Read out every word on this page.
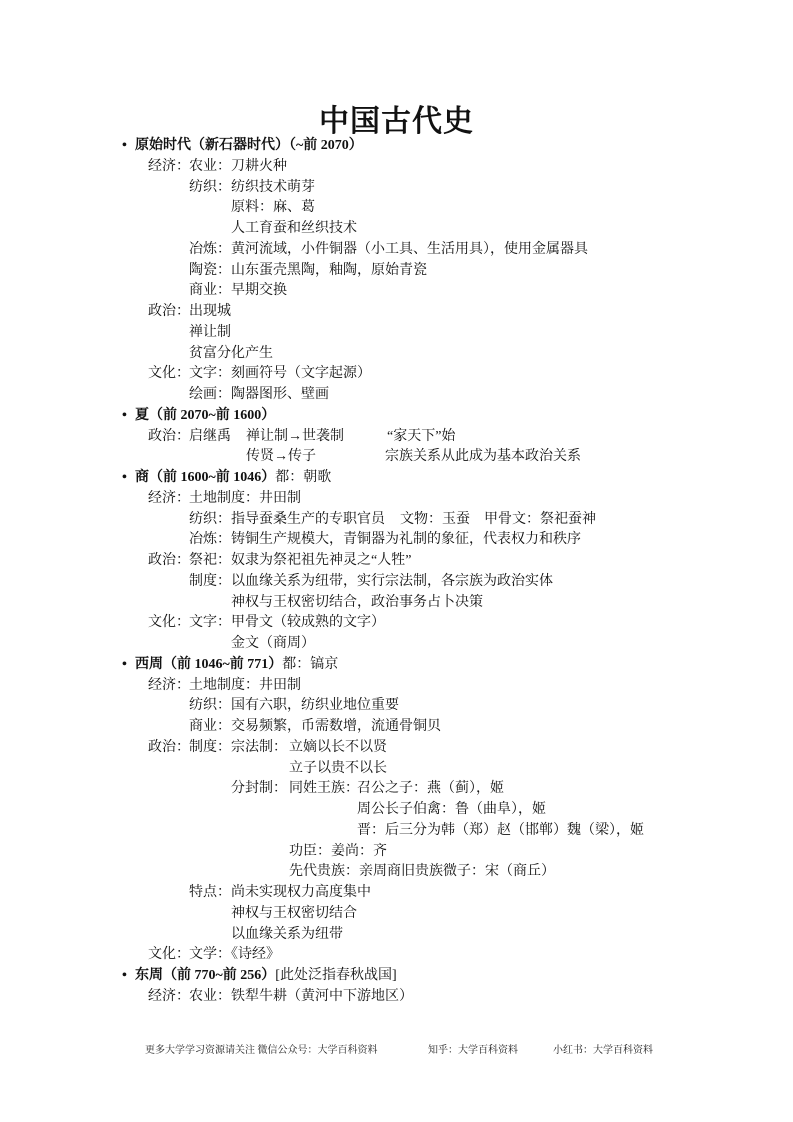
中国古代史
• 原始时代（新石器时代）（~前 2070）
经济： 农业：刀耕火种
纺织：纺织技术萌芽
原料：麻、葛
人工育蚕和丝织技术
冶炼：黄河流域，小件铜器（小工具、生活用具），使用金属器具
陶瓷：山东蛋壳黑陶，釉陶，原始青瓷
商业：早期交换
政治： 出现城
禅让制
贫富分化产生
文化： 文字：刻画符号（文字起源）
绘画：陶器图形、壁画
• 夏（前 2070~前 1600）
政治： 启继禹 禅让制→世袭制	“家天下”始
传贤→传子	宗族关系从此成为基本政治关系
• 商（前 1600~前 1046）都：朝歌
经济： 土地制度：井田制
纺织：指导蚕桑生产的专职官员 文物：玉蚕 甲骨文：祭祀蚕神
冶炼：铸铜生产规模大，青铜器为礼制的象征，代表权力和秩序
政治： 祭祀：奴隶为祭祀祖先神灵之“人牲”
制度：以血缘关系为纽带，实行宗法制，各宗族为政治实体
神权与王权密切结合，政治事务占卜决策
文化： 文字：甲骨文（较成熟的文字）
金文（商周）
• 西周（前 1046~前 771）都：镐京
经济： 土地制度：井田制
纺织：国有六职，纺织业地位重要
商业：交易频繁，币需数增，流通骨铜贝
政治： 制度： 宗法制： 立嫡以长不以贤
立子以贵不以长
分封制： 同姓王族：
召公之子：燕（蓟），姬
周公长子伯禽：鲁（曲阜），姬
晋：后三分为韩（郑）赵（邯郸）魏（梁），姬
功臣：姜尚：齐
先代贵族：亲周商旧贵族微子：宋（商丘）
特点：尚未实现权力高度集中
神权与王权密切结合
以血缘关系为纽带
文化： 文学：《诗经》
• 东周（前 770~前 256）[此处泛指春秋战国]
经济： 农业：铁犁牛耕（黄河中下游地区）
更多大学学习资源请关注 微信公众号：大学百科资料	知乎：大学百科资料	小红书：大学百科资料
